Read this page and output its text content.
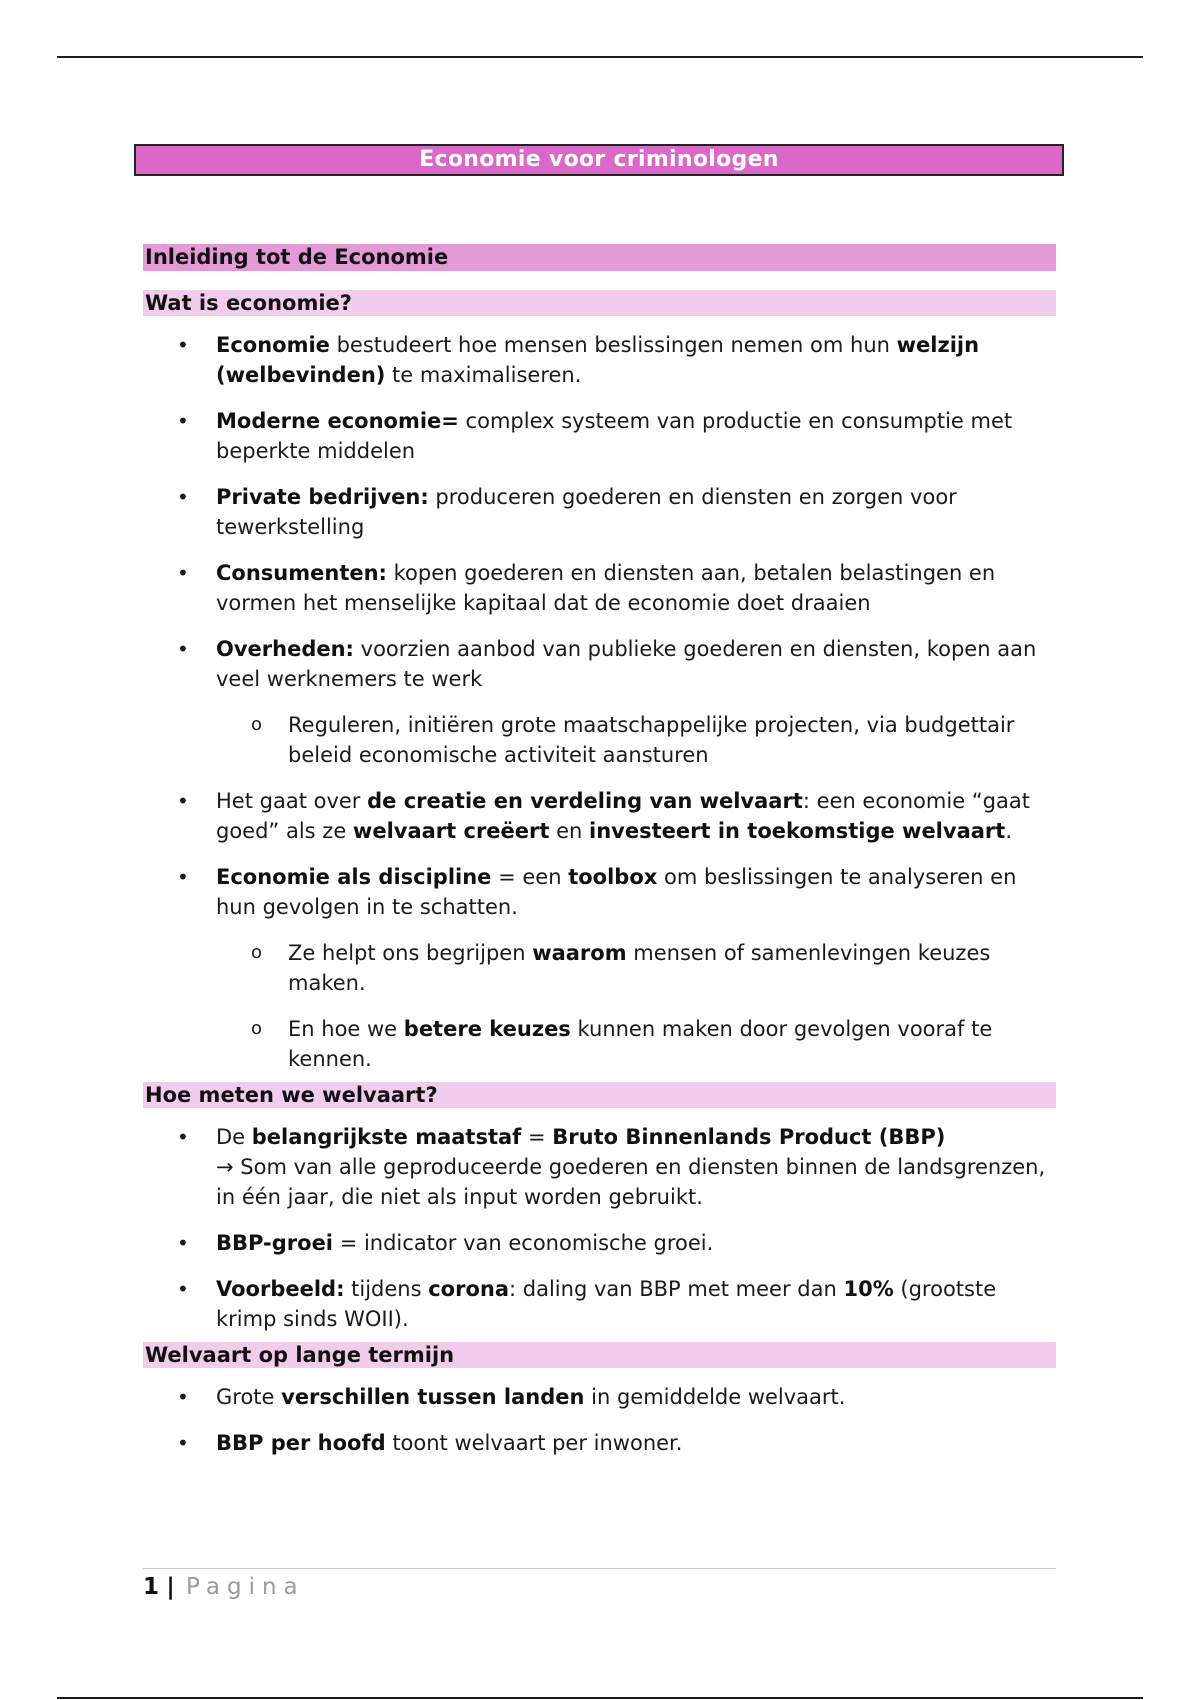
Economie voor criminologen
Inleiding tot de Economie
Wat is economie?
• Economie bestudeert hoe mensen beslissingen nemen om hun welzijn (welbevinden) te maximaliseren.
• Moderne economie= complex systeem van productie en consumptie met beperkte middelen
• Private bedrijven: produceren goederen en diensten en zorgen voor tewerkstelling
• Consumenten: kopen goederen en diensten aan, betalen belastingen en vormen het menselijke kapitaal dat de economie doet draaien
• Overheden: voorzien aanbod van publieke goederen en diensten, kopen aan veel werknemers te werk
o Reguleren, initiëren grote maatschappelijke projecten, via budgettair beleid economische activiteit aansturen
• Het gaat over de creatie en verdeling van welvaart: een economie “gaat goed” als ze welvaart creëert en investeert in toekomstige welvaart.
• Economie als discipline = een toolbox om beslissingen te analyseren en hun gevolgen in te schatten.
o Ze helpt ons begrijpen waarom mensen of samenlevingen keuzes maken.
o En hoe we betere keuzes kunnen maken door gevolgen vooraf te kennen.
Hoe meten we welvaart?
• De belangrijkste maatstaf = Bruto Binnenlands Product (BBP)
→ Som van alle geproduceerde goederen en diensten binnen de landsgrenzen, in één jaar, die niet als input worden gebruikt.
• BBP-groei = indicator van economische groei.
• Voorbeeld: tijdens corona: daling van BBP met meer dan 10% (grootste krimp sinds WOII).
Welvaart op lange termijn
• Grote verschillen tussen landen in gemiddelde welvaart.
• BBP per hoofd toont welvaart per inwoner.
1 | Pagina
